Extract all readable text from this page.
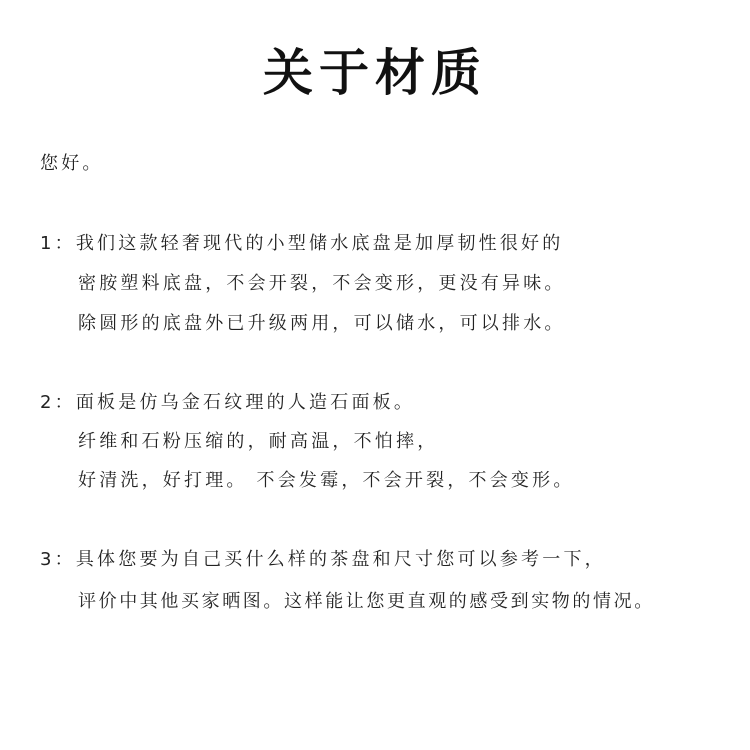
关于材质
您好。
1：我们这款轻奢现代的小型储水底盘是加厚韧性很好的
密胺塑料底盘，不会开裂，不会变形，更没有异味。
除圆形的底盘外已升级两用，可以储水，可以排水。
2：面板是仿乌金石纹理的人造石面板。
纤维和石粉压缩的，耐高温，不怕摔，
好清洗，好打理。 不会发霉，不会开裂，不会变形。
3：具体您要为自己买什么样的茶盘和尺寸您可以参考一下，
评价中其他买家晒图。这样能让您更直观的感受到实物的情况。
